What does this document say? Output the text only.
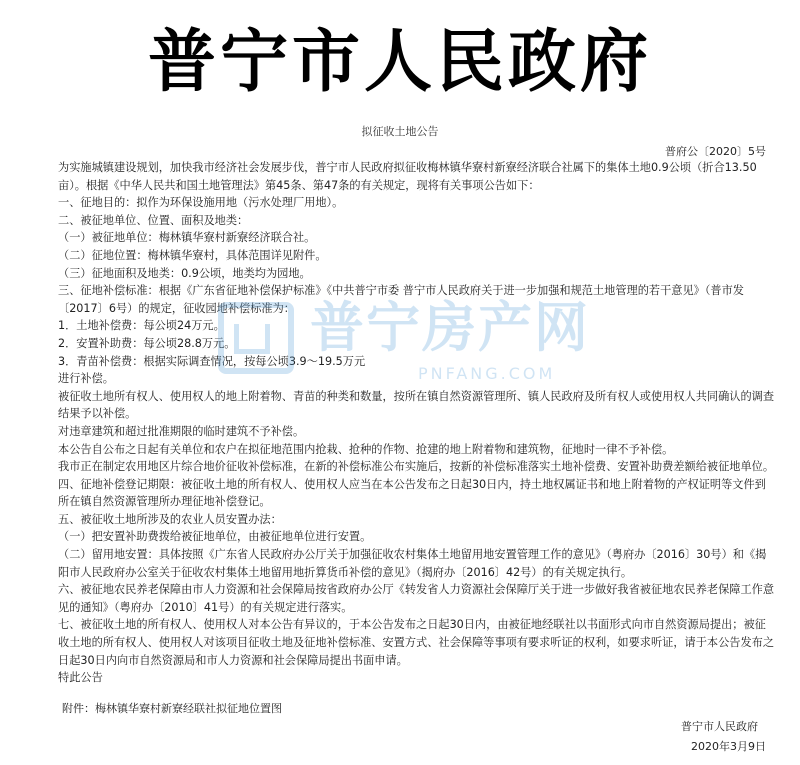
普宁市人民政府
拟征收土地公告
普府公〔2020〕5号

为实施城镇建设规划，加快我市经济社会发展步伐，普宁市人民政府拟征收梅林镇华寮村新寮经济联合社属下的集体土地0.9公顷（折合13.50亩）。根据《中华人民共和国土地管理法》第45条、第47条的有关规定，现将有关事项公告如下：

一、征地目的：拟作为环保设施用地（污水处理厂用地）。

二、被征地单位、位置、面积及地类：

（一）被征地单位：梅林镇华寮村新寮经济联合社。

（二）征地位置：梅林镇华寮村，具体范围详见附件。

（三）征地面积及地类：0.9公顷，地类均为园地。

三、征地补偿标准：根据《广东省征地补偿保护标准》《中共普宁市委 普宁市人民政府关于进一步加强和规范土地管理的若干意见》（普市发〔2017〕6号）的规定，征收园地补偿标准为：

1．土地补偿费：每公顷24万元。

2．安置补助费：每公顷28.8万元。

3．青苗补偿费：根据实际调查情况，按每公顷3.9～19.5万元

进行补偿。

被征收土地所有权人、使用权人的地上附着物、青苗的种类和数量，按所在镇自然资源管理所、镇人民政府及所有权人或使用权人共同确认的调查结果予以补偿。

对违章建筑和超过批准期限的临时建筑不予补偿。

本公告自公布之日起有关单位和农户在拟征地范围内抢栽、抢种的作物、抢建的地上附着物和建筑物，征地时一律不予补偿。

我市正在制定农用地区片综合地价征收补偿标准，在新的补偿标准公布实施后，按新的补偿标准落实土地补偿费、安置补助费差额给被征地单位。

四、征地补偿登记期限：被征收土地的所有权人、使用权人应当在本公告发布之日起30日内，持土地权属证书和地上附着物的产权证明等文件到所在镇自然资源管理所办理征地补偿登记。

五、被征收土地所涉及的农业人员安置办法：

（一）把安置补助费拨给被征地单位，由被征地单位进行安置。

（二）留用地安置：具体按照《广东省人民政府办公厅关于加强征收农村集体土地留用地安置管理工作的意见》（粤府办〔2016〕30号）和《揭阳市人民政府办公室关于征收农村集体土地留用地折算货币补偿的意见》（揭府办〔2016〕42号）的有关规定执行。

六、被征地农民养老保障由市人力资源和社会保障局按省政府办公厅《转发省人力资源社会保障厅关于进一步做好我省被征地农民养老保障工作意见的通知》（粤府办〔2010〕41号）的有关规定进行落实。

七、被征收土地的所有权人、使用权人对本公告有异议的，于本公告发布之日起30日内，由被征地经联社以书面形式向市自然资源局提出；被征收土地的所有权人、使用权人对该项目征收土地及征地补偿标准、安置方式、社会保障等事项有要求听证的权利，如要求听证，请于本公告发布之日起30日内向市自然资源局和市人力资源和社会保障局提出书面申请。

特此公告

普宁房产网
PNFANG.COM
附件：梅林镇华寮村新寮经联社拟征地位置图
普宁市人民政府
2020年3月9日
